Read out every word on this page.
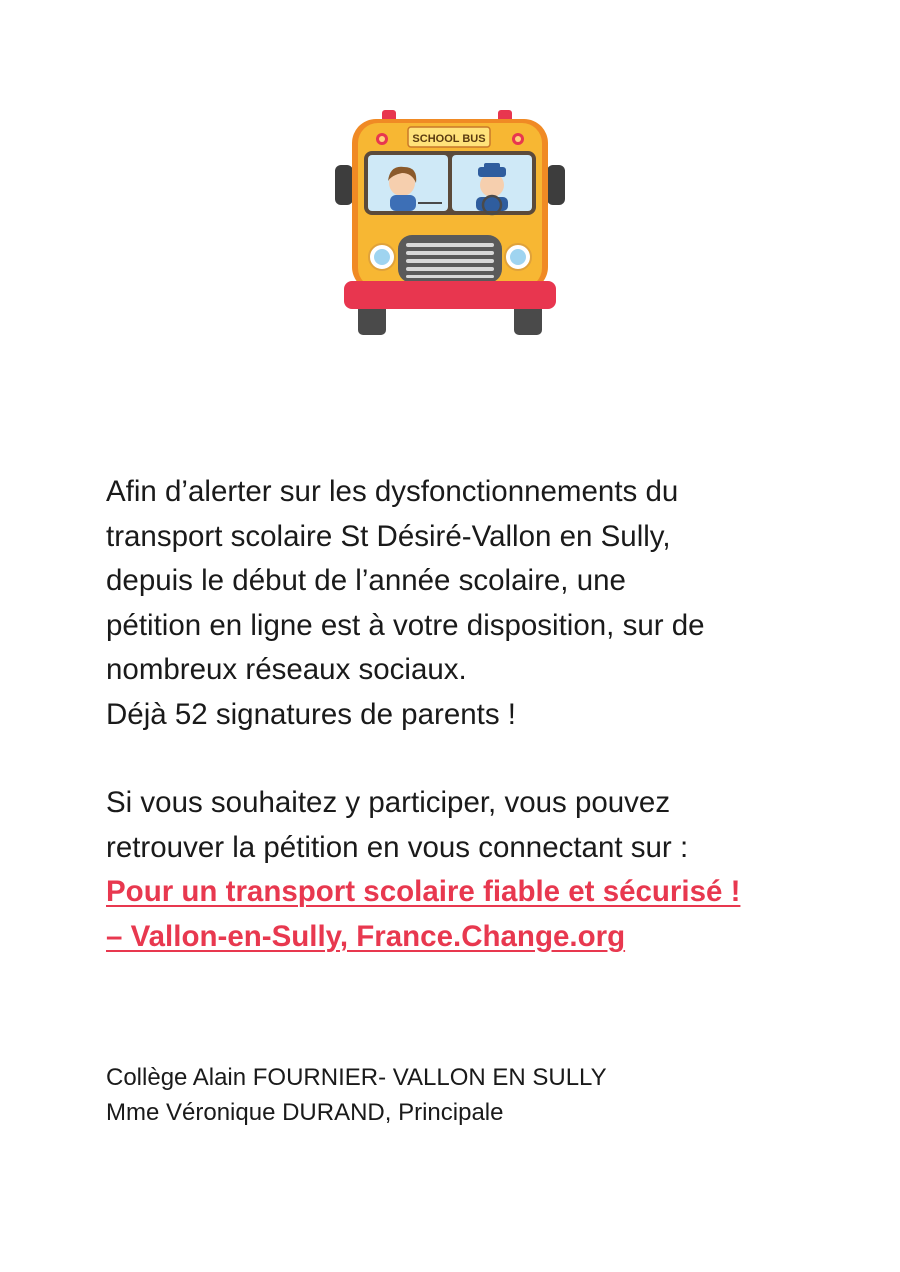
SCHOOL BUS
Afin d’alerter sur les dysfonctionnements du
transport scolaire St Désiré-Vallon en Sully,
depuis le début de l’année scolaire, une
pétition en ligne est à votre disposition, sur de
nombreux réseaux sociaux.
Déjà 52 signatures de parents !
Si vous souhaitez y participer, vous pouvez
retrouver la pétition en vous connectant sur :
Pour un transport scolaire fiable et sécurisé !
– Vallon-en-Sully, France.Change.org
Collège Alain FOURNIER- VALLON EN SULLY
Mme Véronique DURAND, Principale
